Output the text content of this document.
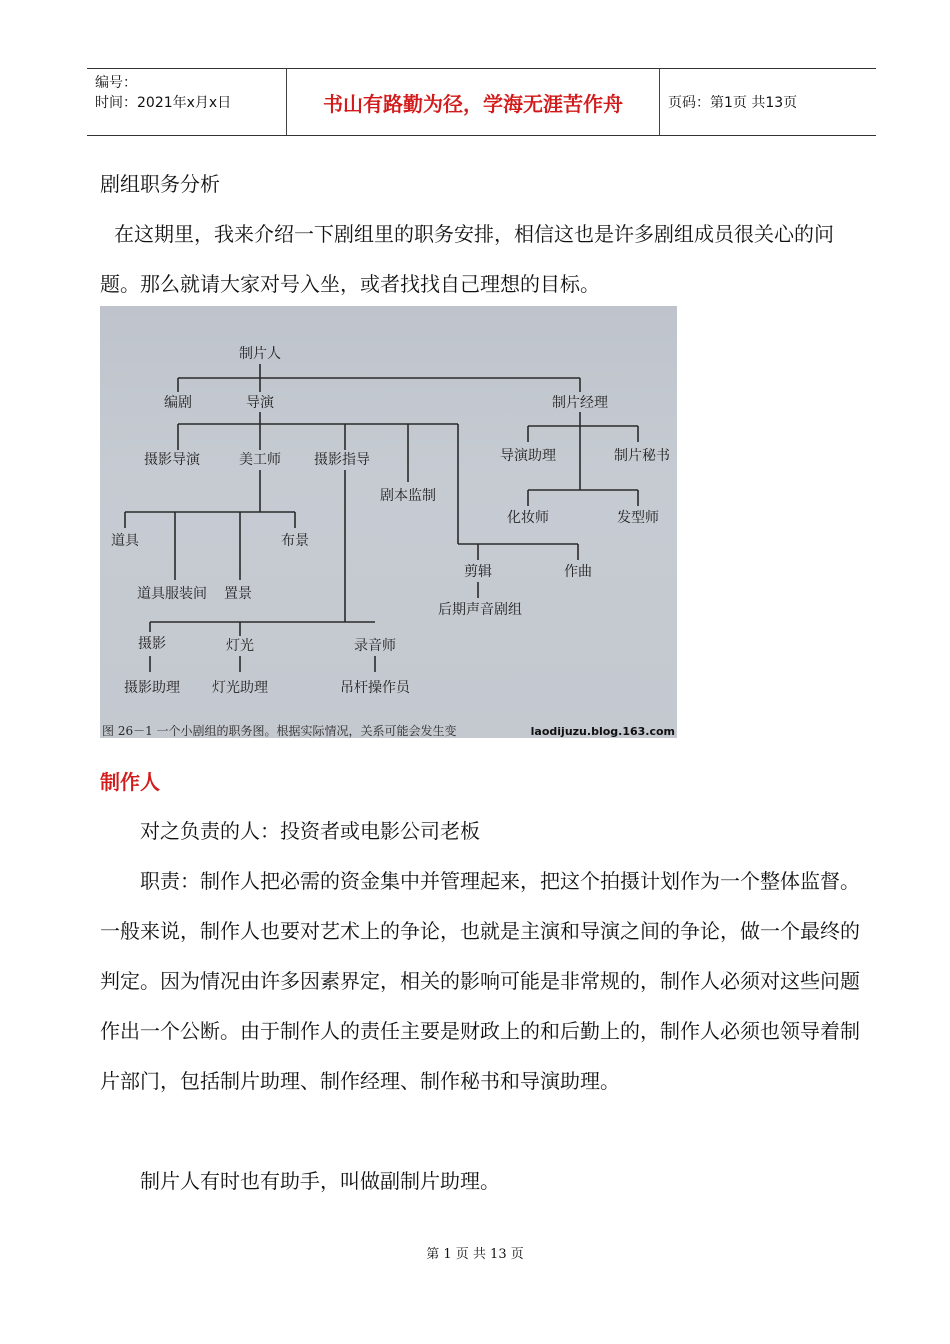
编号：
时间：2021年x月x日	书山有路勤为径，学海无涯苦作舟	页码：第1页 共13页
剧组职务分析
在这期里，我来介绍一下剧组里的职务安排，相信这也是许多剧组成员很关心的问题。那么就请大家对号入坐，或者找找自己理想的目标。
制片人
编剧	导演	制片经理
摄影导演	美工师 摄影指导
剧本监制
导演助理	制片秘书
化妆师	发型师
道具	布景
道具服装间 置景
剪辑	作曲
后期声音剧组
摄影	灯光	录音师
摄影助理 灯光助理	吊杆操作员
图 26－1 一个小剧组的职务图。根据实际情况，关系可能会发生变	laodijuzu.blog.163.com
制作人
对之负责的人：投资者或电影公司老板
职责：制作人把必需的资金集中并管理起来，把这个拍摄计划作为一个整体监督。一般来说，制作人也要对艺术上的争论，也就是主演和导演之间的争论，做一个最终的判定。因为情况由许多因素界定，相关的影响可能是非常规的，制作人必须对这些问题作出一个公断。由于制作人的责任主要是财政上的和后勤上的，制作人必须也领导着制片部门，包括制片助理、制作经理、制作秘书和导演助理。
制片人有时也有助手，叫做副制片助理。
第 1 页 共 13 页
